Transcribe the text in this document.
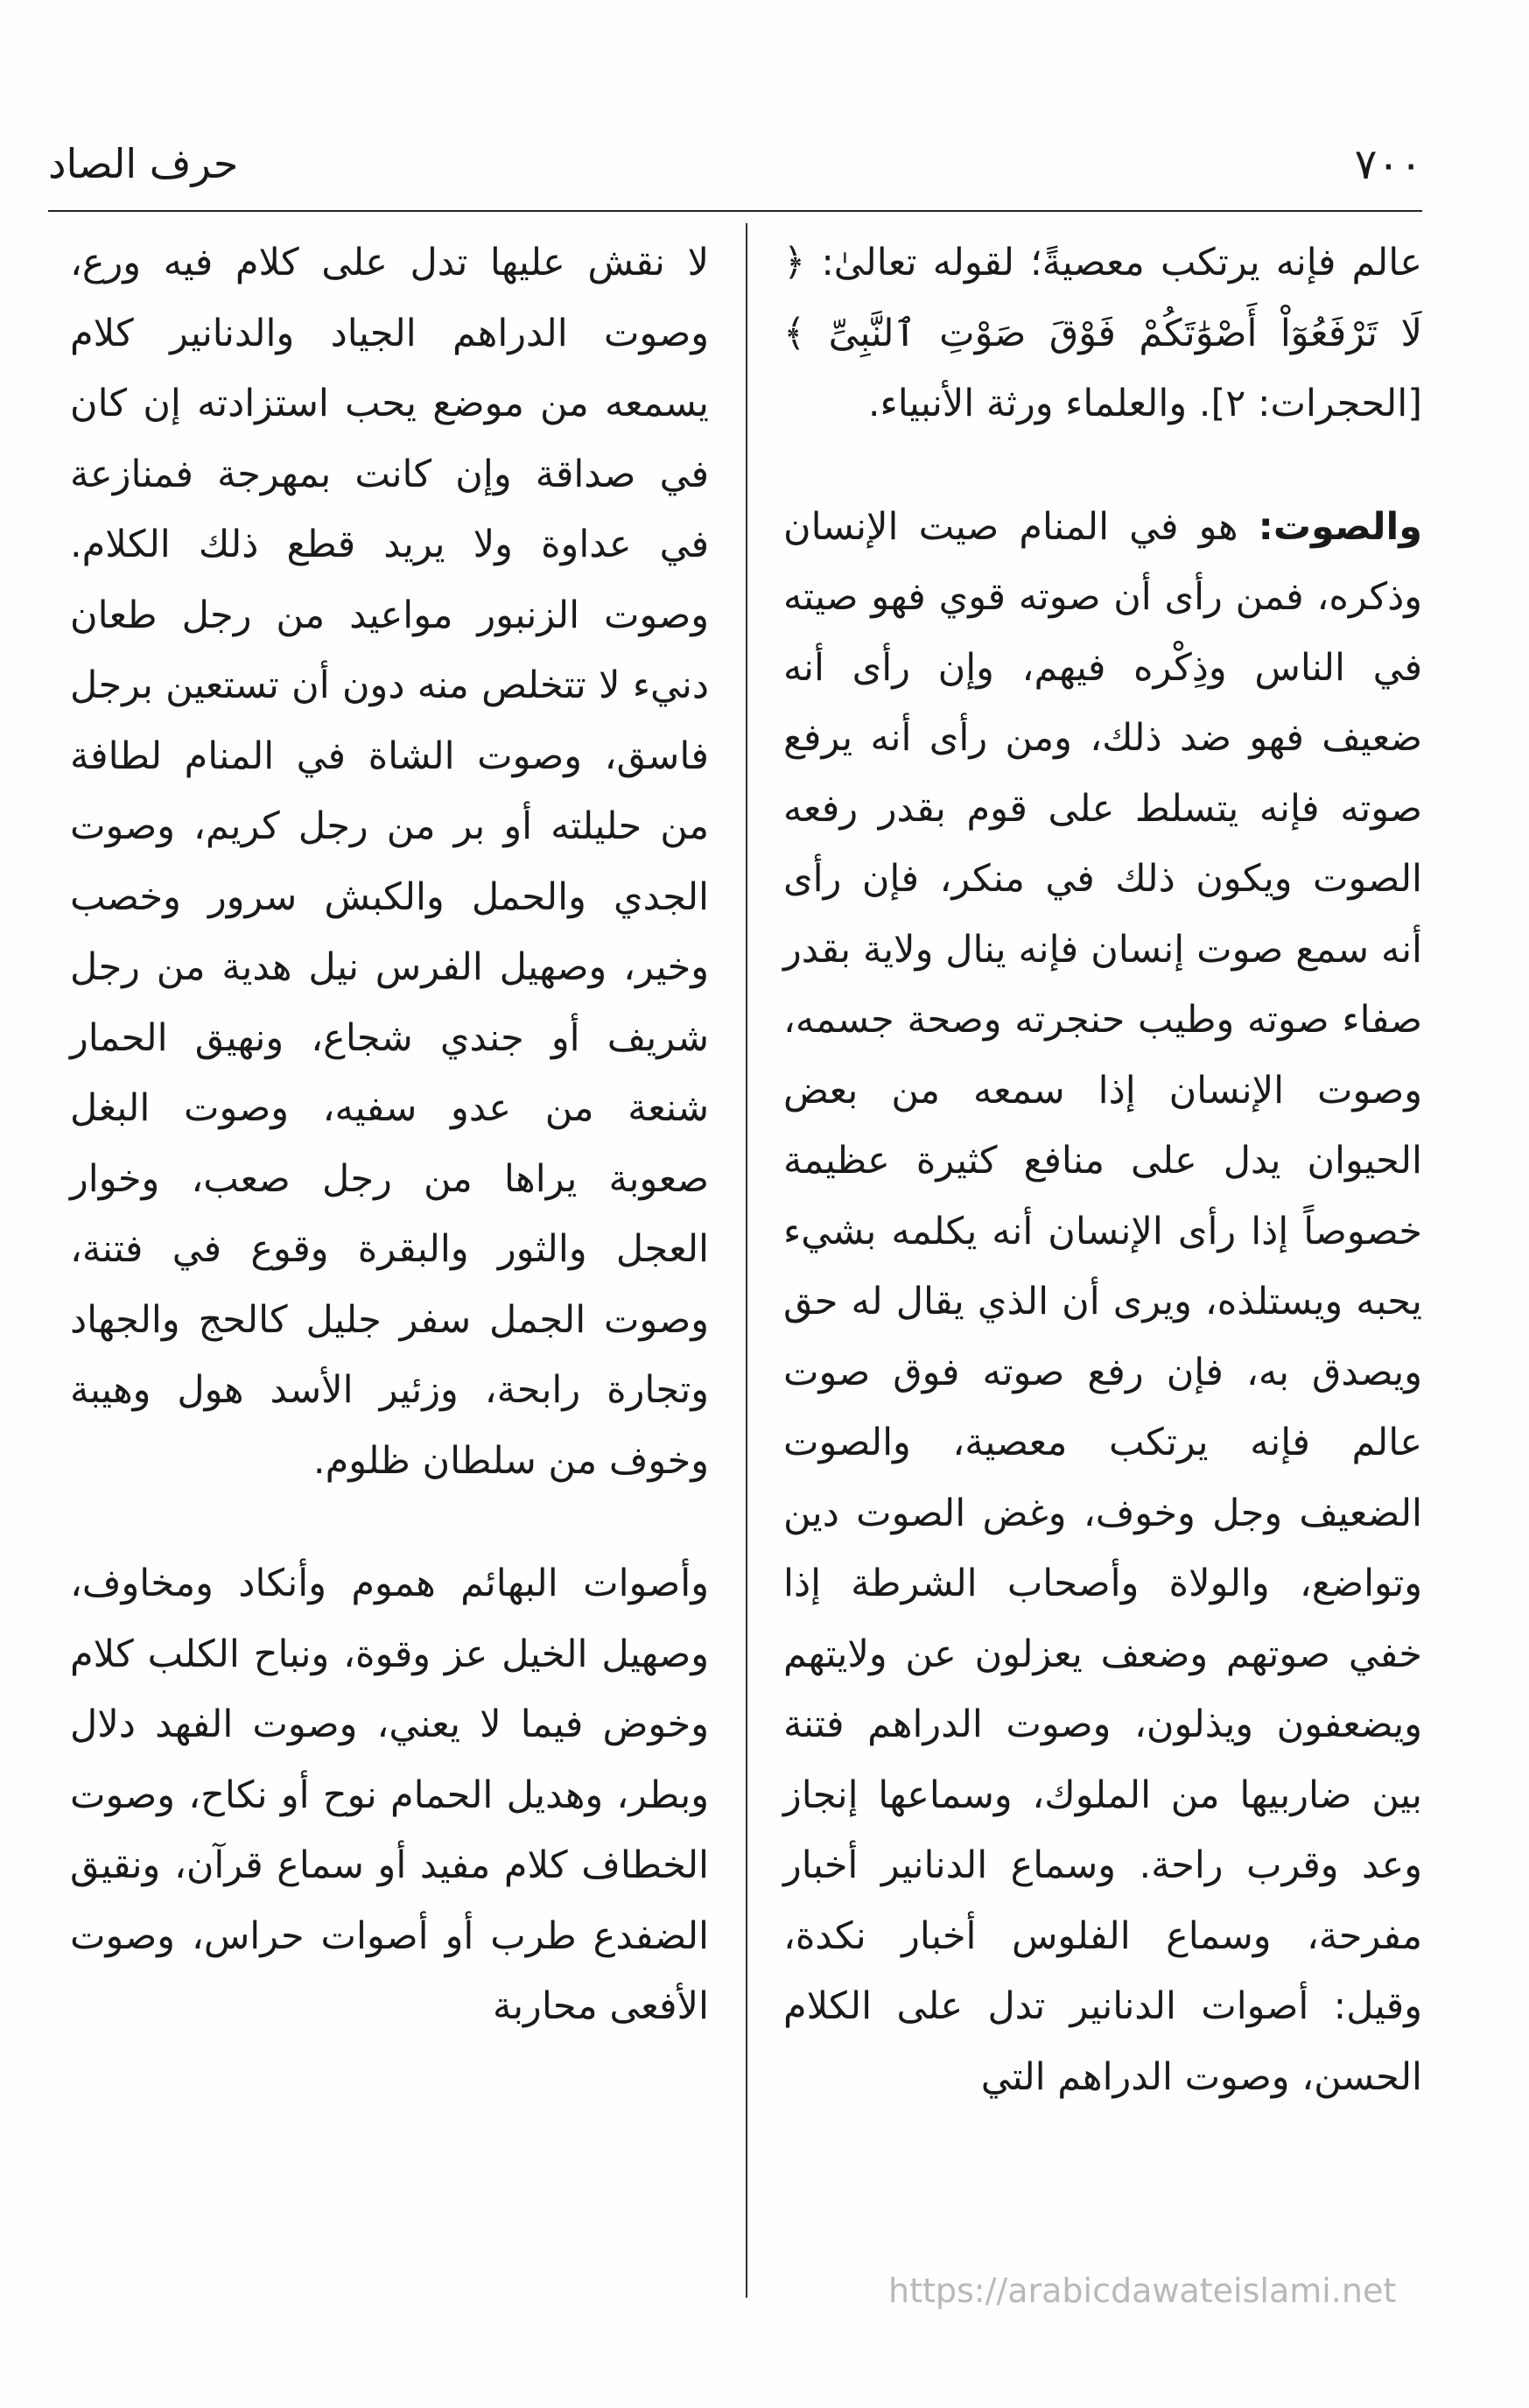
٧٠٠
حرف الصاد

عالم فإنه يرتكب معصيةً؛ لقوله تعالىٰ: ﴿ لَا تَرْفَعُوٓاْ أَصْوَٰتَكُمْ فَوْقَ صَوْتِ ٱلنَّبِىِّ ﴾ [الحجرات: ٢]. والعلماء ورثة الأنبياء.

والصوت: هو في المنام صيت الإنسان وذكره، فمن رأى أن صوته قوي فهو صيته في الناس وذِكْره فيهم، وإن رأى أنه ضعيف فهو ضد ذلك، ومن رأى أنه يرفع صوته فإنه يتسلط على قوم بقدر رفعه الصوت ويكون ذلك في منكر، فإن رأى أنه سمع صوت إنسان فإنه ينال ولاية بقدر صفاء صوته وطيب حنجرته وصحة جسمه، وصوت الإنسان إذا سمعه من بعض الحيوان يدل على منافع كثيرة عظيمة خصوصاً إذا رأى الإنسان أنه يكلمه بشيء يحبه ويستلذه، ويرى أن الذي يقال له حق ويصدق به، فإن رفع صوته فوق صوت عالم فإنه يرتكب معصية، والصوت الضعيف وجل وخوف، وغض الصوت دين وتواضع، والولاة وأصحاب الشرطة إذا خفي صوتهم وضعف يعزلون عن ولايتهم ويضعفون ويذلون، وصوت الدراهم فتنة بين ضاربيها من الملوك، وسماعها إنجاز وعد وقرب راحة. وسماع الدنانير أخبار مفرحة، وسماع الفلوس أخبار نكدة، وقيل: أصوات الدنانير تدل على الكلام الحسن، وصوت الدراهم التي

لا نقش عليها تدل على كلام فيه ورع، وصوت الدراهم الجياد والدنانير كلام يسمعه من موضع يحب استزادته إن كان في صداقة وإن كانت بمهرجة فمنازعة في عداوة ولا يريد قطع ذلك الكلام. وصوت الزنبور مواعيد من رجل طعان دنيء لا تتخلص منه دون أن تستعين برجل فاسق، وصوت الشاة في المنام لطافة من حليلته أو بر من رجل كريم، وصوت الجدي والحمل والكبش سرور وخصب وخير، وصهيل الفرس نيل هدية من رجل شريف أو جندي شجاع، ونهيق الحمار شنعة من عدو سفيه، وصوت البغل صعوبة يراها من رجل صعب، وخوار العجل والثور والبقرة وقوع في فتنة، وصوت الجمل سفر جليل كالحج والجهاد وتجارة رابحة، وزئير الأسد هول وهيبة وخوف من سلطان ظلوم.

وأصوات البهائم هموم وأنكاد ومخاوف، وصهيل الخيل عز وقوة، ونباح الكلب كلام وخوض فيما لا يعني، وصوت الفهد دلال وبطر، وهديل الحمام نوح أو نكاح، وصوت الخطاف كلام مفيد أو سماع قرآن، ونقيق الضفدع طرب أو أصوات حراس، وصوت الأفعى محاربة

https://arabicdawateislami.net
